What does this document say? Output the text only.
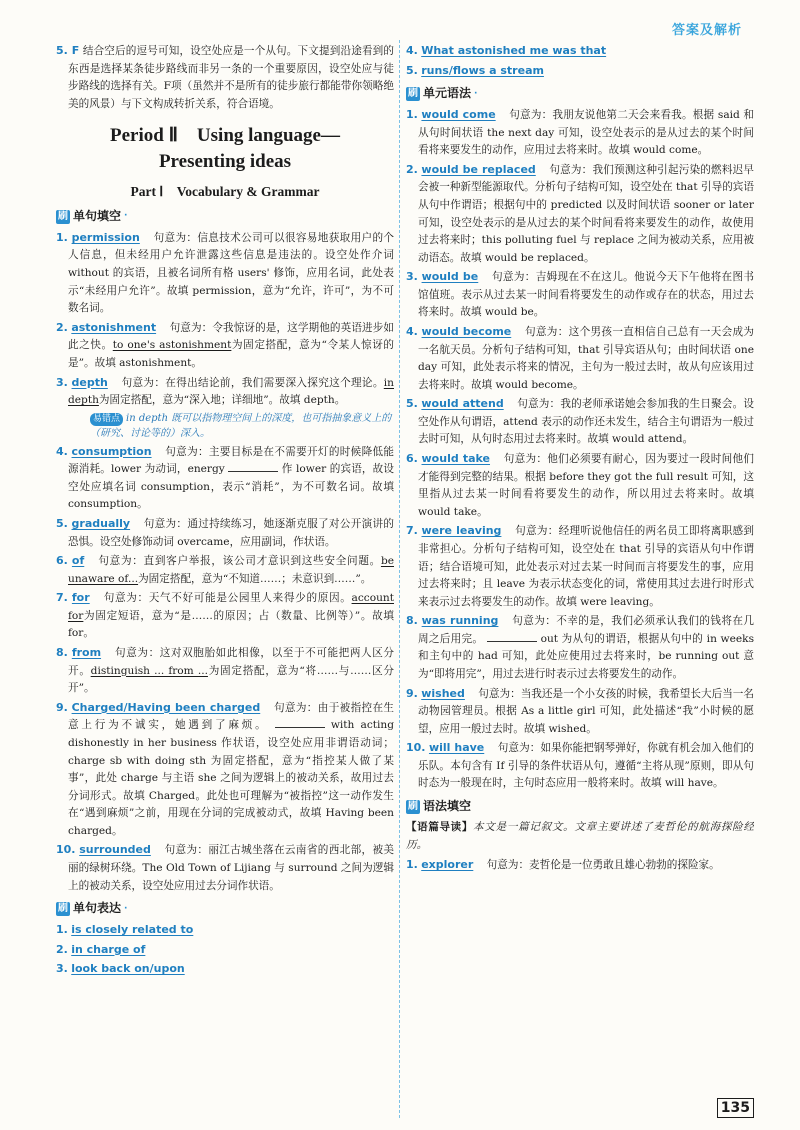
答案及解析
5. F 结合空后的逗号可知，设空处应是一个从句。下文提到沿途看到的东西是选择某条徒步路线而非另一条的一个重要原因，设空处应与徒步路线的选择有关。F项（虽然并不是所有的徒步旅行都能带你领略绝美的风景）与下文构成转折关系，符合语境。
Period Ⅱ　Using language—
Presenting ideas
Part Ⅰ　Vocabulary & Grammar
刷 单句填空 ·
1. permission 句意为：信息技术公司可以很容易地获取用户的个人信息，但未经用户允许泄露这些信息是违法的。设空处作介词 without 的宾语，且被名词所有格 users' 修饰，应用名词，此处表示“未经用户允许”。故填 permission，意为“允许，许可”，为不可数名词。
2. astonishment 句意为：令我惊讶的是，这学期他的英语进步如此之快。to one's astonishment为固定搭配，意为“令某人惊讶的是”。故填 astonishment。
3. depth 句意为：在得出结论前，我们需要深入探究这个理论。in depth为固定搭配，意为“深入地；详细地”。故填 depth。
易错点 in depth 既可以指物理空间上的深度，也可指抽象意义上的（研究、讨论等的）深入。
4. consumption 句意为：主要目标是在不需要开灯的时候降低能源消耗。lower 为动词，energy	作 lower 的宾语，故设空处应填名词 consumption，表示“消耗”，为不可数名词。故填 consumption。
5. gradually 句意为：通过持续练习，她逐渐克服了对公开演讲的恐惧。设空处修饰动词 overcame，应用副词，作状语。
6. of 句意为：直到客户举报，该公司才意识到这些安全问题。be unaware of...为固定搭配，意为“不知道……；未意识到……”。
7. for 句意为：天气不好可能是公园里人来得少的原因。account for为固定短语，意为“是……的原因；占（数量、比例等）”。故填 for。
8. from 句意为：这对双胞胎如此相像，以至于不可能把两人区分开。distinguish ... from ...为固定搭配，意为“将……与……区分开”。
9. Charged/Having been charged 句意为：由于被指控在生意上行为不诚实，她遇到了麻烦。	with acting dishonestly in her business 作状语，设空处应用非谓语动词；charge sb with doing sth 为固定搭配，意为“指控某人做了某事”，此处 charge 与主语 she 之间为逻辑上的被动关系，故用过去分词形式。故填 Charged。此处也可理解为“被指控”这一动作发生在“遇到麻烦”之前，用现在分词的完成被动式，故填 Having been charged。
10. surrounded 句意为：丽江古城坐落在云南省的西北部，被美丽的绿树环绕。The Old Town of Lijiang 与 surround 之间为逻辑上的被动关系，设空处应用过去分词作状语。
刷 单句表达 ·
1. is closely related to
2. in charge of
3. look back on/upon
4. What astonished me was that
5. runs/flows a stream
刷 单元语法 ·
1. would come 句意为：我朋友说他第二天会来看我。根据 said 和从句时间状语 the next day 可知，设空处表示的是从过去的某个时间看将来要发生的动作，应用过去将来时。故填 would come。
2. would be replaced 句意为：我们预测这种引起污染的燃料迟早会被一种新型能源取代。分析句子结构可知，设空处在 that 引导的宾语从句中作谓语；根据句中的 predicted 以及时间状语 sooner or later 可知，设空处表示的是从过去的某个时间看将来要发生的动作，故使用过去将来时；this polluting fuel 与 replace 之间为被动关系，应用被动语态。故填 would be replaced。
3. would be 句意为：吉姆现在不在这儿。他说今天下午他将在图书馆值班。表示从过去某一时间看将要发生的动作或存在的状态，用过去将来时。故填 would be。
4. would become 句意为：这个男孩一直相信自己总有一天会成为一名航天员。分析句子结构可知，that 引导宾语从句；由时间状语 one day 可知，此处表示将来的情况，主句为一般过去时，故从句应该用过去将来时。故填 would become。
5. would attend 句意为：我的老师承诺她会参加我的生日聚会。设空处作从句谓语，attend 表示的动作还未发生，结合主句谓语为一般过去时可知，从句时态用过去将来时。故填 would attend。
6. would take 句意为：他们必须要有耐心，因为要过一段时间他们才能得到完整的结果。根据 before they got the full result 可知，这里指从过去某一时间看将要发生的动作，所以用过去将来时。故填 would take。
7. were leaving 句意为：经理听说他信任的两名员工即将离职感到非常担心。分析句子结构可知，设空处在 that 引导的宾语从句中作谓语；结合语境可知，此处表示对过去某一时间而言将要发生的事，应用过去将来时；且 leave 为表示状态变化的词，常使用其过去进行时形式来表示过去将要发生的动作。故填 were leaving。
8. was running 句意为：不幸的是，我们必须承认我们的钱将在几周之后用完。	out 为从句的谓语，根据从句中的 in weeks 和主句中的 had 可知，此处应使用过去将来时，be running out 意为“即将用完”，用过去进行时表示过去将要发生的动作。
9. wished 句意为：当我还是一个小女孩的时候，我希望长大后当一名动物园管理员。根据 As a little girl 可知，此处描述“我”小时候的愿望，应用一般过去时。故填 wished。
10. will have 句意为：如果你能把钢琴弹好，你就有机会加入他们的乐队。本句含有 If 引导的条件状语从句，遵循“主将从现”原则，即从句时态为一般现在时，主句时态应用一般将来时。故填 will have。
刷 语法填空
【语篇导读】本文是一篇记叙文。文章主要讲述了麦哲伦的航海探险经历。
1. explorer 句意为：麦哲伦是一位勇敢且雄心勃勃的探险家。
135
